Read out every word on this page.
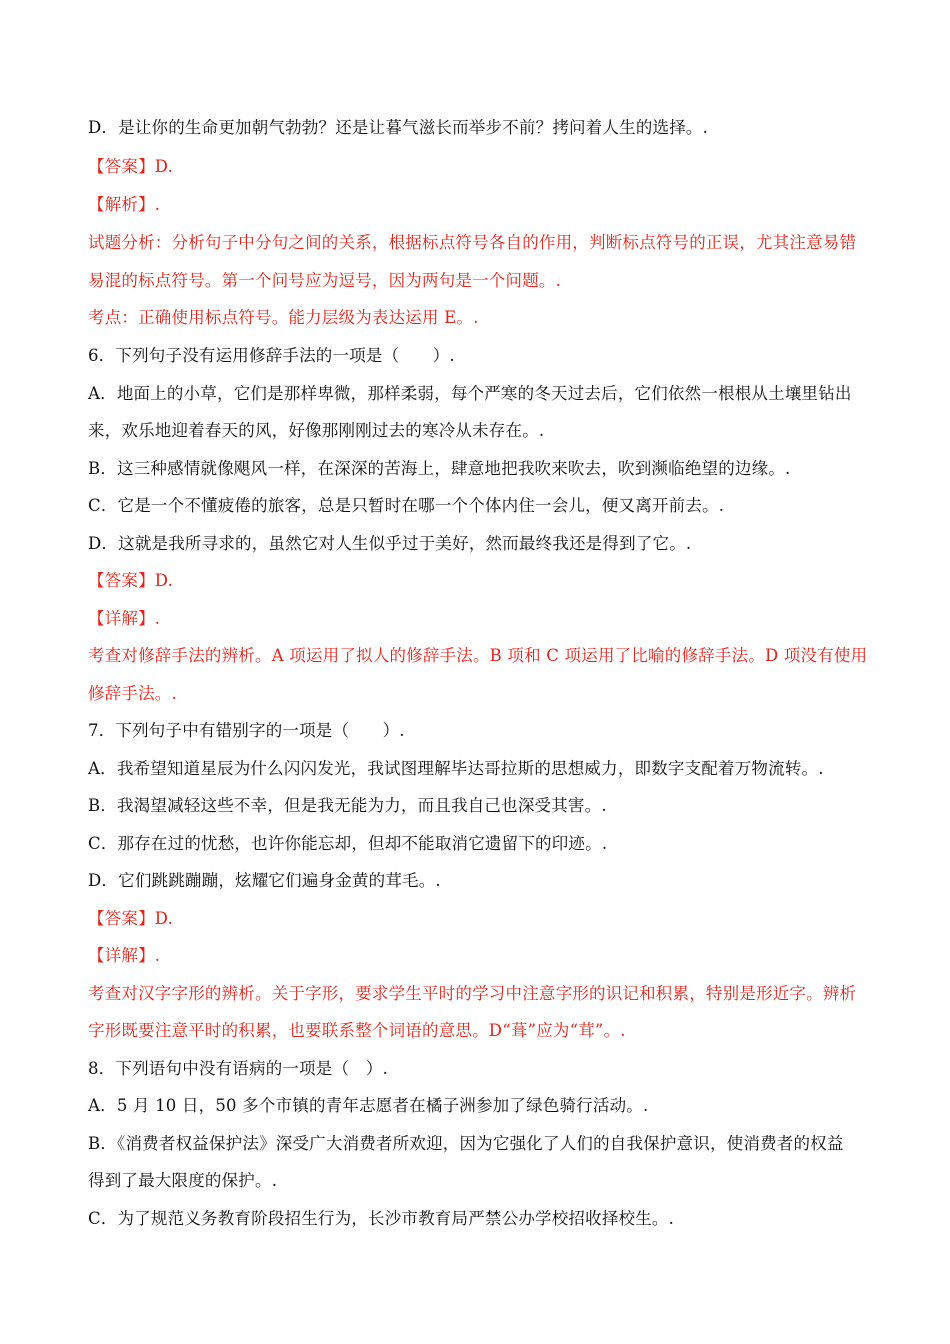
D．是让你的生命更加朝气勃勃？还是让暮气滋长而举步不前？拷问着人生的选择。.
【答案】D.
【解析】.
试题分析：分析句子中分句之间的关系，根据标点符号各自的作用，判断标点符号的正误，尤其注意易错
易混的标点符号。第一个问号应为逗号，因为两句是一个问题。.
考点：正确使用标点符号。能力层级为表达运用 E。.
6．下列句子没有运用修辞手法的一项是（　　）.
A．地面上的小草，它们是那样卑微，那样柔弱，每个严寒的冬天过去后，它们依然一根根从土壤里钻出
来，欢乐地迎着春天的风，好像那刚刚过去的寒冷从未存在。.
B．这三种感情就像飓风一样，在深深的苦海上，肆意地把我吹来吹去，吹到濒临绝望的边缘。.
C．它是一个不懂疲倦的旅客，总是只暂时在哪一个个体内住一会儿，便又离开前去。.
D．这就是我所寻求的，虽然它对人生似乎过于美好，然而最终我还是得到了它。.
【答案】D.
【详解】.
考查对修辞手法的辨析。A 项运用了拟人的修辞手法。B 项和 C 项运用了比喻的修辞手法。D 项没有使用
修辞手法。.
7．下列句子中有错别字的一项是（　　）.
A．我希望知道星辰为什么闪闪发光，我试图理解毕达哥拉斯的思想威力，即数字支配着万物流转。.
B．我渴望减轻这些不幸，但是我无能为力，而且我自己也深受其害。.
C．那存在过的忧愁，也许你能忘却，但却不能取消它遗留下的印迹。.
D．它们跳跳蹦蹦，炫耀它们遍身金黄的茸毛。.
【答案】D.
【详解】.
考查对汉字字形的辨析。关于字形，要求学生平时的学习中注意字形的识记和积累，特别是形近字。辨析
字形既要注意平时的积累，也要联系整个词语的意思。D“葺”应为“茸”。.
8．下列语句中没有语病的一项是（　）.
A．5 月 10 日，50 多个市镇的青年志愿者在橘子洲参加了绿色骑行活动。.
B．《消费者权益保护法》深受广大消费者所欢迎，因为它强化了人们的自我保护意识，使消费者的权益
得到了最大限度的保护。.
C．为了规范义务教育阶段招生行为，长沙市教育局严禁公办学校招收择校生。.
